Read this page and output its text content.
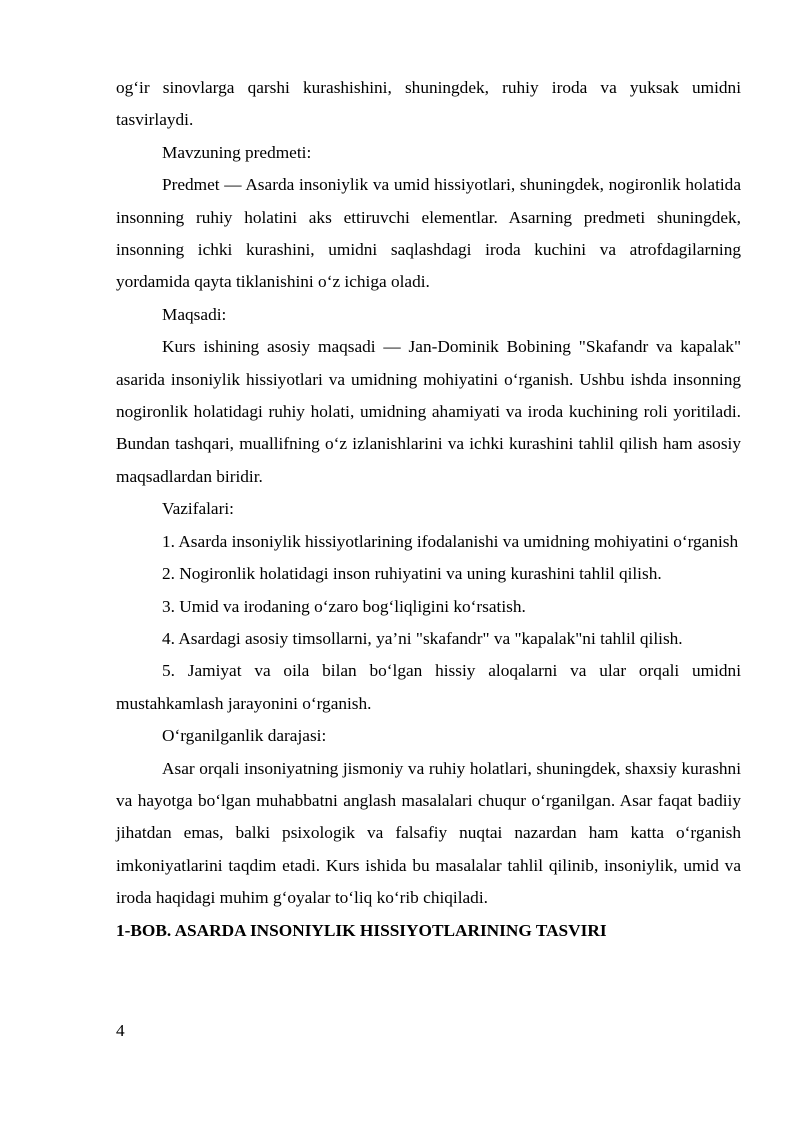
og‘ir sinovlarga qarshi kurashishini, shuningdek, ruhiy iroda va yuksak umidni tasvirlaydi.

Mavzuning predmeti:

Predmet — Asarda insoniylik va umid hissiyotlari, shuningdek, nogironlik holatida insonning ruhiy holatini aks ettiruvchi elementlar. Asarning predmeti shuningdek, insonning ichki kurashini, umidni saqlashdagi iroda kuchini va atrofdagilarning yordamida qayta tiklanishini o‘z ichiga oladi.

Maqsadi:

Kurs ishining asosiy maqsadi — Jan-Dominik Bobining "Skafandr va kapalak" asarida insoniylik hissiyotlari va umidning mohiyatini o‘rganish. Ushbu ishda insonning nogironlik holatidagi ruhiy holati, umidning ahamiyati va iroda kuchining roli yoritiladi. Bundan tashqari, muallifning o‘z izlanishlarini va ichki kurashini tahlil qilish ham asosiy maqsadlardan biridir.

Vazifalari:

1. Asarda insoniylik hissiyotlarining ifodalanishi va umidning mohiyatini o‘rganish

2. Nogironlik holatidagi inson ruhiyatini va uning kurashini tahlil qilish.

3. Umid va irodaning o‘zaro bog‘liqligini ko‘rsatish.

4. Asardagi asosiy timsollarni, ya’ni "skafandr" va "kapalak"ni tahlil qilish.

5. Jamiyat va oila bilan bo‘lgan hissiy aloqalarni va ular orqali umidni mustahkamlash jarayonini o‘rganish.

O‘rganilganlik darajasi:

Asar orqali insoniyatning jismoniy va ruhiy holatlari, shuningdek, shaxsiy kurashni va hayotga bo‘lgan muhabbatni anglash masalalari chuqur o‘rganilgan. Asar faqat badiiy jihatdan emas, balki psixologik va falsafiy nuqtai nazardan ham katta o‘rganish imkoniyatlarini taqdim etadi. Kurs ishida bu masalalar tahlil qilinib, insoniylik, umid va iroda haqidagi muhim g‘oyalar to‘liq ko‘rib chiqiladi.

1-BOB. ASARDA INSONIYLIK HISSIYOTLARINING TASVIRI

4
